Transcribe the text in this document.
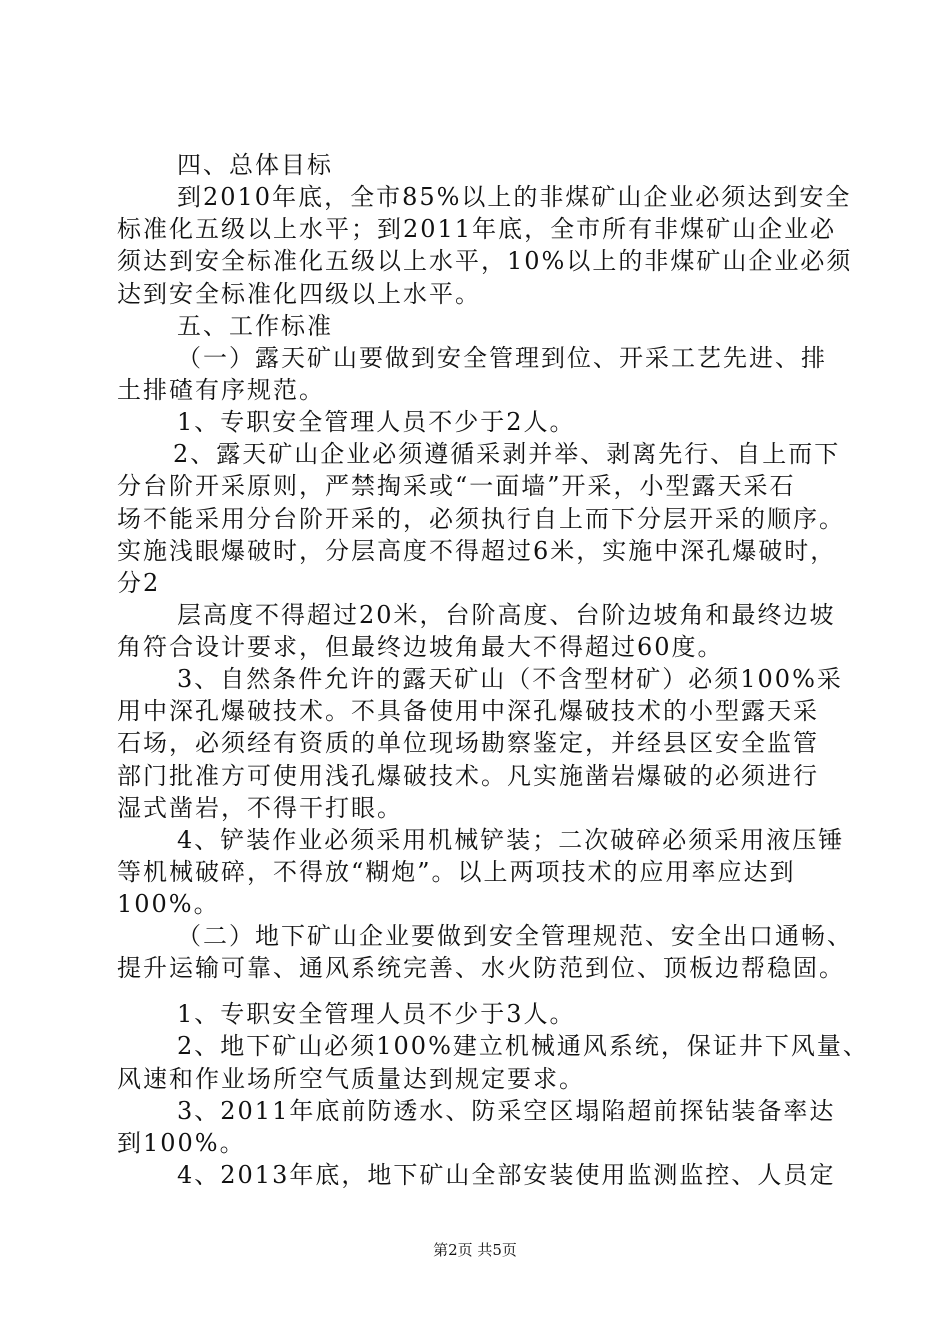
四、总体目标
到2010年底，全市85%以上的非煤矿山企业必须达到安全
标准化五级以上水平；到2011年底，全市所有非煤矿山企业必
须达到安全标准化五级以上水平，10%以上的非煤矿山企业必须
达到安全标准化四级以上水平。
五、工作标准
（一）露天矿山要做到安全管理到位、开采工艺先进、排
土排碴有序规范。
1、专职安全管理人员不少于2人。
2、露天矿山企业必须遵循采剥并举、剥离先行、自上而下
分台阶开采原则，严禁掏采或“一面墙”开采，小型露天采石
场不能采用分台阶开采的，必须执行自上而下分层开采的顺序。
实施浅眼爆破时，分层高度不得超过6米，实施中深孔爆破时，
分2
层高度不得超过20米，台阶高度、台阶边坡角和最终边坡
角符合设计要求，但最终边坡角最大不得超过60度。
3、自然条件允许的露天矿山（不含型材矿）必须100%采
用中深孔爆破技术。不具备使用中深孔爆破技术的小型露天采
石场，必须经有资质的单位现场勘察鉴定，并经县区安全监管
部门批准方可使用浅孔爆破技术。凡实施凿岩爆破的必须进行
湿式凿岩，不得干打眼。
4、铲装作业必须采用机械铲装；二次破碎必须采用液压锤
等机械破碎，不得放“糊炮”。以上两项技术的应用率应达到
100%。
（二）地下矿山企业要做到安全管理规范、安全出口通畅、
提升运输可靠、通风系统完善、水火防范到位、顶板边帮稳固。
1、专职安全管理人员不少于3人。
2、地下矿山必须100%建立机械通风系统，保证井下风量、
风速和作业场所空气质量达到规定要求。
3、2011年底前防透水、防采空区塌陷超前探钻装备率达
到100%。
4、2013年底，地下矿山全部安装使用监测监控、人员定
第2页 共5页
